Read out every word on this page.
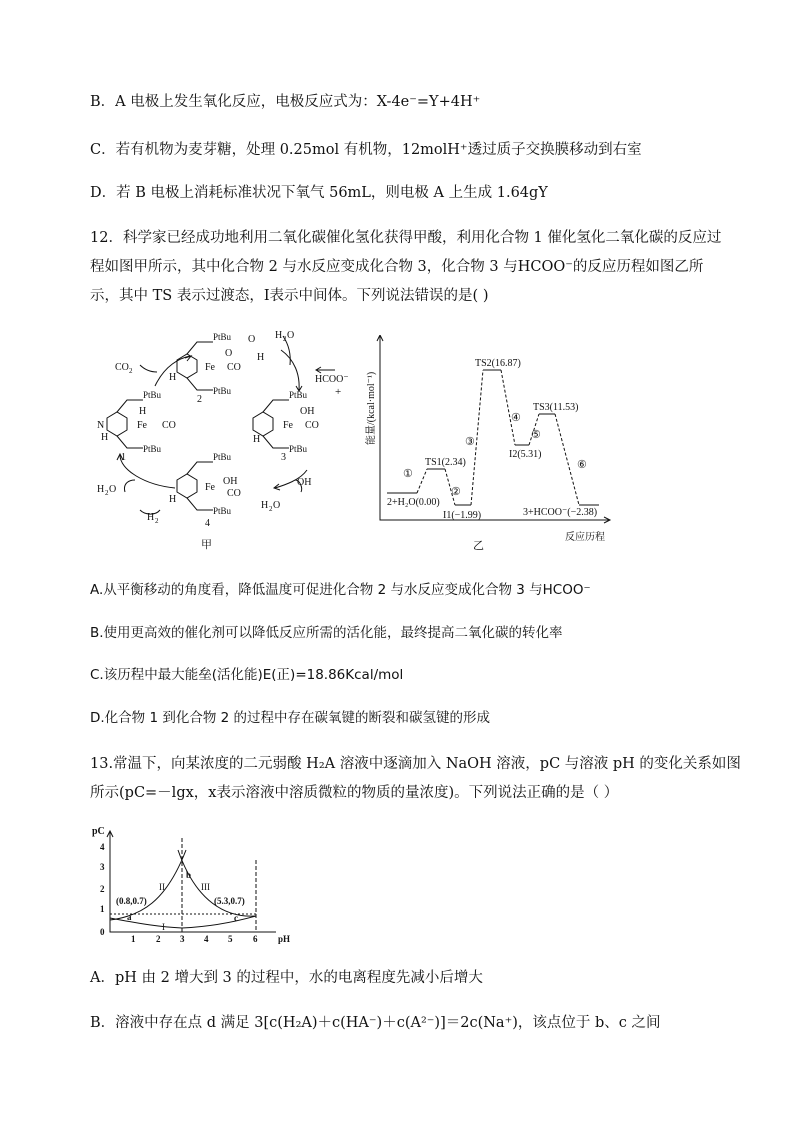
B．A 电极上发生氧化反应，电极反应式为：X-4e⁻=Y+4H⁺
C．若有机物为麦芽糖，处理 0.25mol 有机物，12molH⁺透过质子交换膜移动到右室
D．若 B 电极上消耗标准状况下氧气 56mL，则电极 A 上生成 1.64gY
12．科学家已经成功地利用二氧化碳催化氢化获得甲酸，利用化合物 1 催化氢化二氧化碳的反应过
程如图甲所示，其中化合物 2 与水反应变成化合物 3，化合物 3 与HCOO⁻的反应历程如图乙所
示，其中 TS 表示过渡态，Ⅰ表示中间体。下列说法错误的是( )
PtBu
PtBu
N
H
Fe CO
H
1
PtBu
PtBu
Fe CO
O
O
H
H
2	PtBu
PtBu
Fe CO
OH
H
3
+
PtBu
PtBu
Fe
OH
CO
H
4
CO 2
H 2 O
HCOO⁻
OH
H 2 O
H 2 O
H 2
甲
能量/(kcal·mol⁻¹)
2+H₂O(0.00)
TS1(2.34)
I1(−1.99)
TS2(16.87)
I2(5.31)
TS3(11.53)
3+HCOO⁻(−2.38)
①
②
③
④
⑤
⑥
反应历程
乙
A.从平衡移动的角度看，降低温度可促进化合物 2 与水反应变成化合物 3 与HCOO⁻
B.使用更高效的催化剂可以降低反应所需的活化能，最终提高二氧化碳的转化率
C.该历程中最大能垒(活化能)E(正)=18.86Kcal/mol
D.化合物 1 到化合物 2 的过程中存在碳氧键的断裂和碳氢键的形成
13.常温下，向某浓度的二元弱酸 H₂A 溶液中逐滴加入 NaOH 溶液，pC 与溶液 pH 的变化关系如图
所示(pC=－lgx，x表示溶液中溶质微粒的物质的量浓度)。下列说法正确的是（ ）
pC
0
1
2
3
4
1 2 3 4 5 6 pH
(0.8,0.7)	(5.3,0.7)
a
b
c
I
II	III
A．pH 由 2 增大到 3 的过程中，水的电离程度先减小后增大
B．溶液中存在点 d 满足 3[c(H₂A)＋c(HA⁻)＋c(A²⁻)]＝2c(Na⁺)，该点位于 b、c 之间
